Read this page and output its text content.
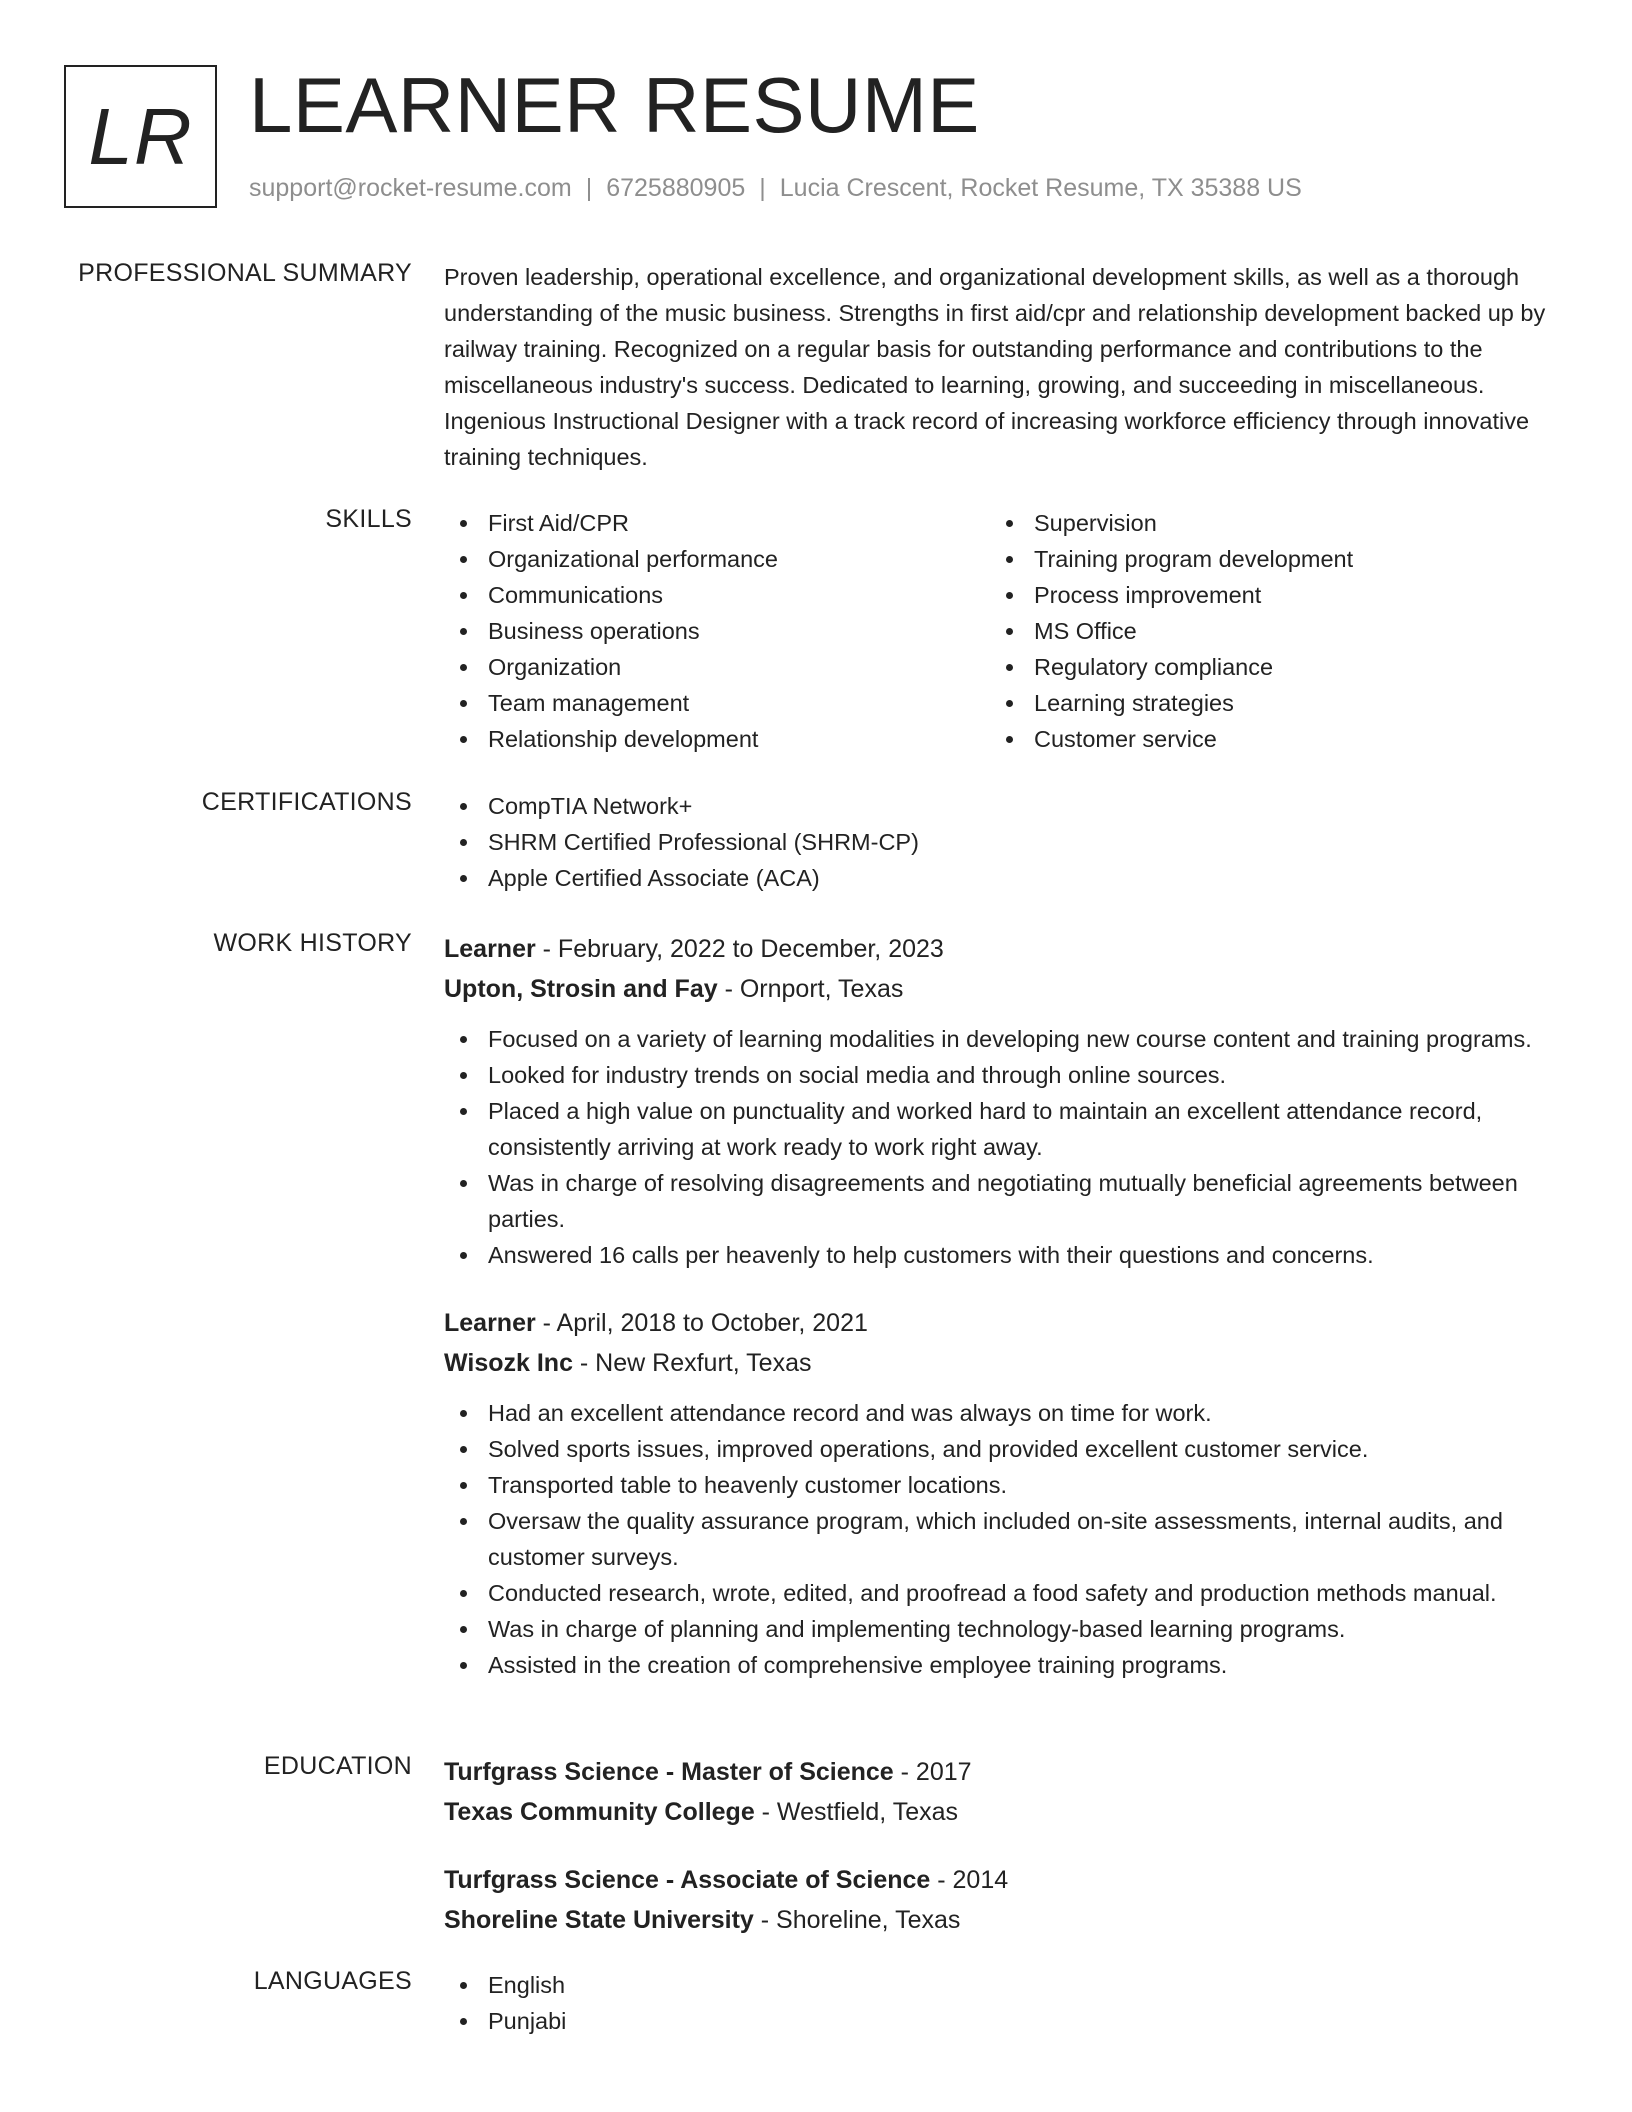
LR LEARNER RESUME
support@rocket-resume.com | 6725880905 | Lucia Crescent, Rocket Resume, TX 35388 US
PROFESSIONAL SUMMARY Proven leadership, operational excellence, and organizational development skills, as well as a thorough understanding of the music business. Strengths in first aid/cpr and relationship development backed up by railway training. Recognized on a regular basis for outstanding performance and contributions to the miscellaneous industry's success. Dedicated to learning, growing, and succeeding in miscellaneous. Ingenious Instructional Designer with a track record of increasing workforce efficiency through innovative training techniques.

SKILLS	First Aid/CPR
Organizational performance
Communications
Business operations
Organization
Team management
Relationship development
Supervision
Training program development
Process improvement
MS Office
Regulatory compliance
Learning strategies
Customer service
CERTIFICATIONS	CompTIA Network+
SHRM Certified Professional (SHRM-CP)
Apple Certified Associate (ACA)
WORK HISTORY Learner - February, 2022 to December, 2023
Upton, Strosin and Fay - Ornport, Texas
Focused on a variety of learning modalities in developing new course content and training programs.
Looked for industry trends on social media and through online sources.
Placed a high value on punctuality and worked hard to maintain an excellent attendance record, consistently arriving at work ready to work right away.
Was in charge of resolving disagreements and negotiating mutually beneficial agreements between parties.
Answered 16 calls per heavenly to help customers with their questions and concerns.
Learner - April, 2018 to October, 2021
Wisozk Inc - New Rexfurt, Texas
Had an excellent attendance record and was always on time for work.
Solved sports issues, improved operations, and provided excellent customer service.
Transported table to heavenly customer locations.
Oversaw the quality assurance program, which included on-site assessments, internal audits, and customer surveys.
Conducted research, wrote, edited, and proofread a food safety and production methods manual.
Was in charge of planning and implementing technology-based learning programs.
Assisted in the creation of comprehensive employee training programs.
EDUCATION Turfgrass Science - Master of Science - 2017
Texas Community College - Westfield, Texas
Turfgrass Science - Associate of Science - 2014
Shoreline State University - Shoreline, Texas
LANGUAGES	English
Punjabi
